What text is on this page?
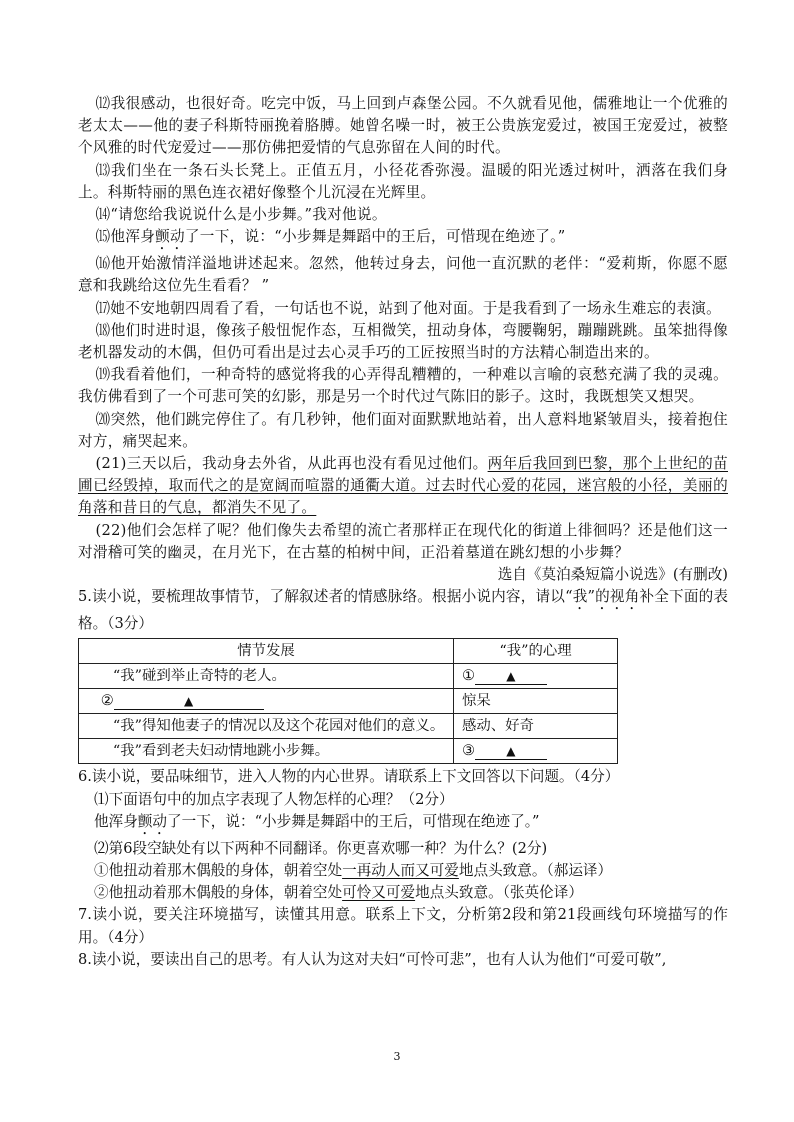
⑿我很感动，也很好奇。吃完中饭，马上回到卢森堡公园。不久就看见他，儒雅地让一个优雅的老太太——他的妻子科斯特丽挽着胳膊。她曾名噪一时，被王公贵族宠爱过，被国王宠爱过，被整个风雅的时代宠爱过——那仿佛把爱情的气息弥留在人间的时代。

⒀我们坐在一条石头长凳上。正值五月，小径花香弥漫。温暖的阳光透过树叶，洒落在我们身上。科斯特丽的黑色连衣裙好像整个儿沉浸在光辉里。

⒁“请您给我说说什么是小步舞。”我对他说。

⒂他浑身颤动了一下，说：“小步舞是舞蹈中的王后，可惜现在绝迹了。”

⒃他开始激情洋溢地讲述起来。忽然，他转过身去，问他一直沉默的老伴：“爱莉斯，你愿不愿意和我跳给这位先生看看？ ”

⒄她不安地朝四周看了看，一句话也不说，站到了他对面。于是我看到了一场永生难忘的表演。

⒅他们时进时退，像孩子般忸怩作态，互相微笑，扭动身体，弯腰鞠躬，蹦蹦跳跳。虽笨拙得像老机器发动的木偶，但仍可看出是过去心灵手巧的工匠按照当时的方法精心制造出来的。

⒆我看着他们，一种奇特的感觉将我的心弄得乱糟糟的，一种难以言喻的哀愁充满了我的灵魂。我仿佛看到了一个可悲可笑的幻影，那是另一个时代过气陈旧的影子。这时，我既想笑又想哭。

⒇突然，他们跳完停住了。有几秒钟，他们面对面默默地站着，出人意料地紧皱眉头，接着抱住对方，痛哭起来。

(21)三天以后，我动身去外省，从此再也没有看见过他们。两年后我回到巴黎，那个上世纪的苗圃已经毁掉，取而代之的是宽阔而喧嚣的通衢大道。过去时代心爱的花园，迷宫般的小径，美丽的角落和昔日的气息，都消失不见了。

(22)他们会怎样了呢？他们像失去希望的流亡者那样正在现代化的街道上徘徊吗？还是他们这一对滑稽可笑的幽灵，在月光下，在古墓的柏树中间，正沿着墓道在跳幻想的小步舞？

选自《莫泊桑短篇小说选》(有删改)

5.读小说，要梳理故事情节，了解叙述者的情感脉络。根据小说内容，请以“我”的视角补全下面的表格。（3分）

情节发展	“我”的心理
“我”碰到举止奇特的老人。	① ▲
② ▲	惊呆
“我”得知他妻子的情况以及这个花园对他们的意义。	感动、好奇
“我”看到老夫妇动情地跳小步舞。	③ ▲

6.读小说，要品味细节，进入人物的内心世界。请联系上下文回答以下问题。（4分）

⑴下面语句中的加点字表现了人物怎样的心理？（2分）

他浑身颤动了一下，说：“小步舞是舞蹈中的王后，可惜现在绝迹了。”

⑵第6段空缺处有以下两种不同翻译。你更喜欢哪一种？为什么？(2分)

①他扭动着那木偶般的身体，朝着空处一再动人而又可爱地点头致意。（郝运译）

②他扭动着那木偶般的身体，朝着空处可怜又可爱地点头致意。（张英伦译）

7.读小说，要关注环境描写，读懂其用意。联系上下文，分析第2段和第21段画线句环境描写的作用。（4分）

8.读小说，要读出自己的思考。有人认为这对夫妇“可怜可悲”，也有人认为他们“可爱可敬”,

3
